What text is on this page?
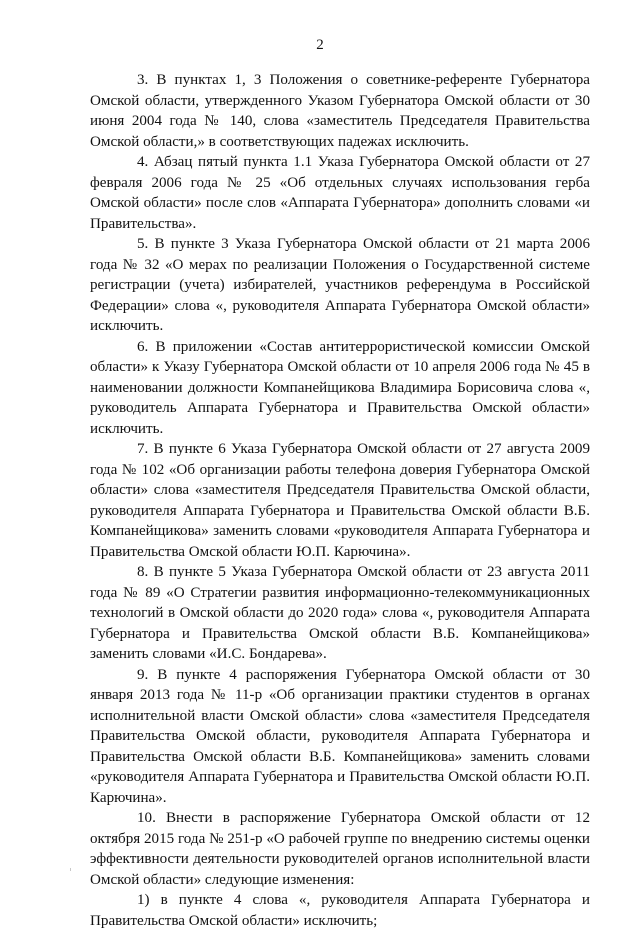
2

3. В пунктах 1, 3 Положения о советнике-референте Губернатора Омской области, утвержденного Указом Губернатора Омской области от 30 июня 2004 года № 140, слова «заместитель Председателя Правительства Омской области,» в соответствующих падежах исключить.

4. Абзац пятый пункта 1.1 Указа Губернатора Омской области от 27 февраля 2006 года № 25 «Об отдельных случаях использования герба Омской области» после слов «Аппарата Губернатора» дополнить словами «и Правительства».

5. В пункте 3 Указа Губернатора Омской области от 21 марта 2006 года № 32 «О мерах по реализации Положения о Государственной системе регистрации (учета) избирателей, участников референдума в Российской Федерации» слова «, руководителя Аппарата Губернатора Омской области» исключить.

6. В приложении «Состав антитеррористической комиссии Омской области» к Указу Губернатора Омской области от 10 апреля 2006 года № 45 в наименовании должности Компанейщикова Владимира Борисовича слова «, руководитель Аппарата Губернатора и Правительства Омской области» исключить.

7. В пункте 6 Указа Губернатора Омской области от 27 августа 2009 года № 102 «Об организации работы телефона доверия Губернатора Омской области» слова «заместителя Председателя Правительства Омской области, руководителя Аппарата Губернатора и Правительства Омской области В.Б. Компанейщикова» заменить словами «руководителя Аппарата Губернатора и Правительства Омской области Ю.П. Карючина».

8. В пункте 5 Указа Губернатора Омской области от 23 августа 2011 года № 89 «О Стратегии развития информационно-телекоммуникационных технологий в Омской области до 2020 года» слова «, руководителя Аппарата Губернатора и Правительства Омской области В.Б. Компанейщикова» заменить словами «И.С. Бондарева».

9. В пункте 4 распоряжения Губернатора Омской области от 30 января 2013 года № 11-р «Об организации практики студентов в органах исполнительной власти Омской области» слова «заместителя Председателя Правительства Омской области, руководителя Аппарата Губернатора и Правительства Омской области В.Б. Компанейщикова» заменить словами «руководителя Аппарата Губернатора и Правительства Омской области Ю.П. Карючина».

10. Внести в распоряжение Губернатора Омской области от 12 октября 2015 года № 251-р «О рабочей группе по внедрению системы оценки эффективности деятельности руководителей органов исполнительной власти Омской области» следующие изменения:

1) в пункте 4 слова «, руководителя Аппарата Губернатора и Правительства Омской области» исключить;
